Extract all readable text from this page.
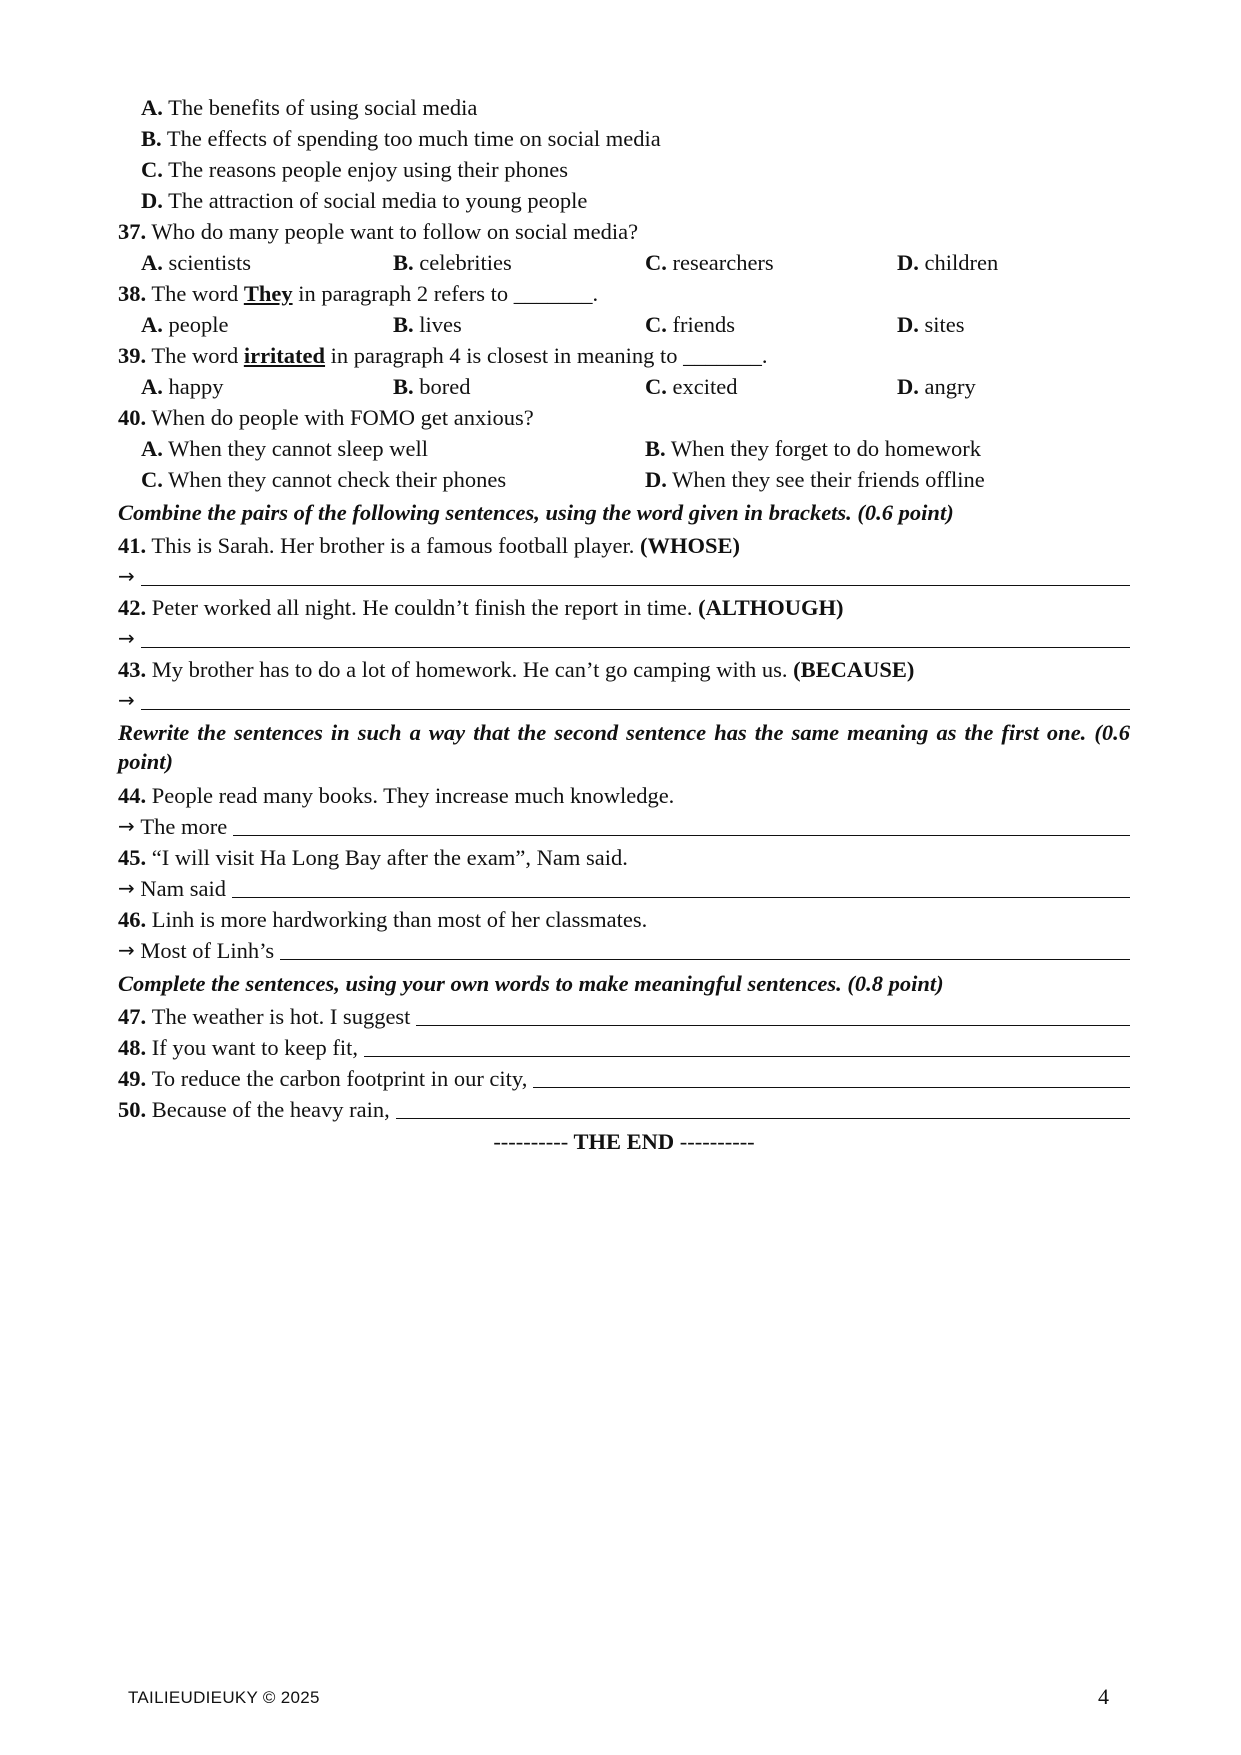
A. The benefits of using social media
B. The effects of spending too much time on social media
C. The reasons people enjoy using their phones
D. The attraction of social media to young people
37. Who do many people want to follow on social media?
A. scientists	B. celebrities	C. researchers	D. children
38. The word They in paragraph 2 refers to _______.
A. people	B. lives	C. friends	D. sites
39. The word irritated in paragraph 4 is closest in meaning to _______.
A. happy	B. bored	C. excited	D. angry
40. When do people with FOMO get anxious?
A. When they cannot sleep well	B. When they forget to do homework
C. When they cannot check their phones	D. When they see their friends offline
Combine the pairs of the following sentences, using the word given in brackets. (0.6 point)
41. This is Sarah. Her brother is a famous football player. (WHOSE)
→
42. Peter worked all night. He couldn’t finish the report in time. (ALTHOUGH)
→
43. My brother has to do a lot of homework. He can’t go camping with us. (BECAUSE)
→
Rewrite the sentences in such a way that the second sentence has the same meaning as the first one. (0.6 point)
44. People read many books. They increase much knowledge.
→
The more
45. “I will visit Ha Long Bay after the exam”, Nam said.
→
Nam said
46. Linh is more hardworking than most of her classmates.
→
Most of Linh’s
Complete the sentences, using your own words to make meaningful sentences. (0.8 point)
47.
The weather is hot. I suggest
48.
If you want to keep fit,
49.
To reduce the carbon footprint in our city,
50.
Because of the heavy rain,
---------- THE END ----------
TAILIEUDIEUKY © 2025	4
